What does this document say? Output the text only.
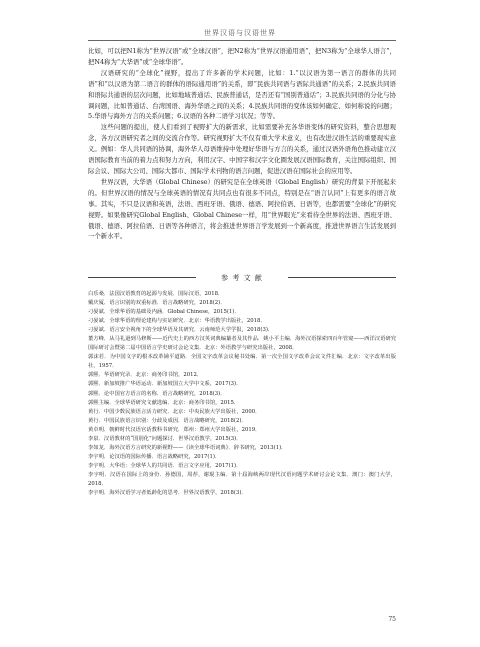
世界汉语与汉语世界

比如，可以把N1称为“世界汉语”或“全球汉语”，把N2称为“世界汉语通用语”，把N3称为“全球华人语言”，把N4称为“大华语”或“全球华语”。

汉语研究的“全球化”视野，提出了许多新的学术问题，比如：1.“以汉语为第一语言的群体的共同语”和“以汉语为第二语言的群体的语际通用语”的关系，即“民族共同语与语际共通语”的关系；2.民族共同语和语际共通语的层次问题，比如地域普通话、民族普通话，是否还有“国别普通话”；3.民族共同语的分化与协调问题，比如普通话、台湾国语、海外华语之间的关系；4.民族共同语的变体该如何确定、如何称说的问题；5.华语与海外方言的关系问题；6.汉语的各种二语学习状况；等等。

这些问题的提出，使人们看到了视野扩大的新需求，比如需要补充各华语变体的研究资料，整合思想观念，各方汉语研究者之间的交流合作等。研究视野扩大不仅有重大学术意义，也有改进汉语生活的重要现实意义。例如：华人共同语的协调，海外华人母语维持中处理好华语与方言的关系，通过汉语外语角色推动建立汉语国际教育当前的着力点和努力方向，利用汉字、中国字和汉字文化圈发展汉语国际教育，关注国际组织、国际会议、国际大公司、国际大都市、国际学术刊物的语言问题，促进汉语在国际社会的应用等。

世界汉语，大华语（Global Chinese）的研究是在全球英语（Global English）研究的背景下开展起来的。但世界汉语的情况与全球英语的情况有共同点也有很多不同点，特别是在“语言认同”上有更多的语言故事。其实，不只是汉语和英语，法语、西班牙语、俄语、德语、阿拉伯语、日语等，也都需要“全球化”的研究视野。如果像研究Global English、Global Chinese一样，用“世界眼光”来看待全世界的法语、西班牙语、俄语、德语、阿拉伯语、日语等各种语言，将会推进世界语言学发展到一个新高度，推进世界语言生活发展到一个新水平。

参 考 文 献
白乐桑．法国汉语教育的起源与发展．国际汉语，2018．
戴庆厦．语言识别的双重标准．语言战略研究，2018(2)．
刁晏斌．全球华语的基础及内涵．Global Chinese，2015(1)．
刁晏斌．全球华语的理论建构与实证研究．北京：华语教学出版社，2018．
刁晏斌．语言安全视角下的全球华语及其研究．云南师范大学学报，2018(3)．
董方峰．从马礼逊到马修斯——近代史上的西方汉英词典编纂者及其作品．姚小平主编．海外汉语探索四百年管窥——西洋汉语研究国际研讨会暨第二届中国语言学史研讨会论文集．北京：外语教学与研究出版社，2008．
郭沫若．为中国文字的根本改革铺平道路．全国文字改革会议秘书处编．第一次全国文字改革会议文件汇编．北京：文字改革出版社，1957．
郭熙．华语研究录．北京：商务印书馆，2012．
郭熙．新加坡推广华语运动．新加坡国立大学中文系，2017(3)．
郭熙．论中国官方语言的名称．语言战略研究，2018(3)．
郭熙主编．全球华语研究文献选编．北京：商务印书馆，2015．
黄行．中国少数民族语言活力研究．北京：中央民族大学出版社，2000．
黄行．中国民族语言识别：分歧及成因．语言战略研究，2018(2)．
黄卓明．朝鲜时代汉语官话教科书研究．郑州：郑州大学出版社，2019．
李泉．汉语教材的“国别化”问题探讨．世界汉语教学，2015(3)．
李如龙．海外汉语方言研究的新视野——《读全球华语词典》．辞书研究，2013(1)．
李宇明．论汉语的国际传播．语言战略研究，2017(1)．
李宇明．大华语：全球华人的共同语．语言文字应用，2017(1)．
李宇明．汉语在国际上的身份．孙德国，周荐，谢琨主编．第十届海峡两岸现代汉语问题学术研讨会论文集．澳门：澳门大学，2018．
李宇明．海外汉语学习者低龄化的思考．世界汉语教学，2018(3)．
75
